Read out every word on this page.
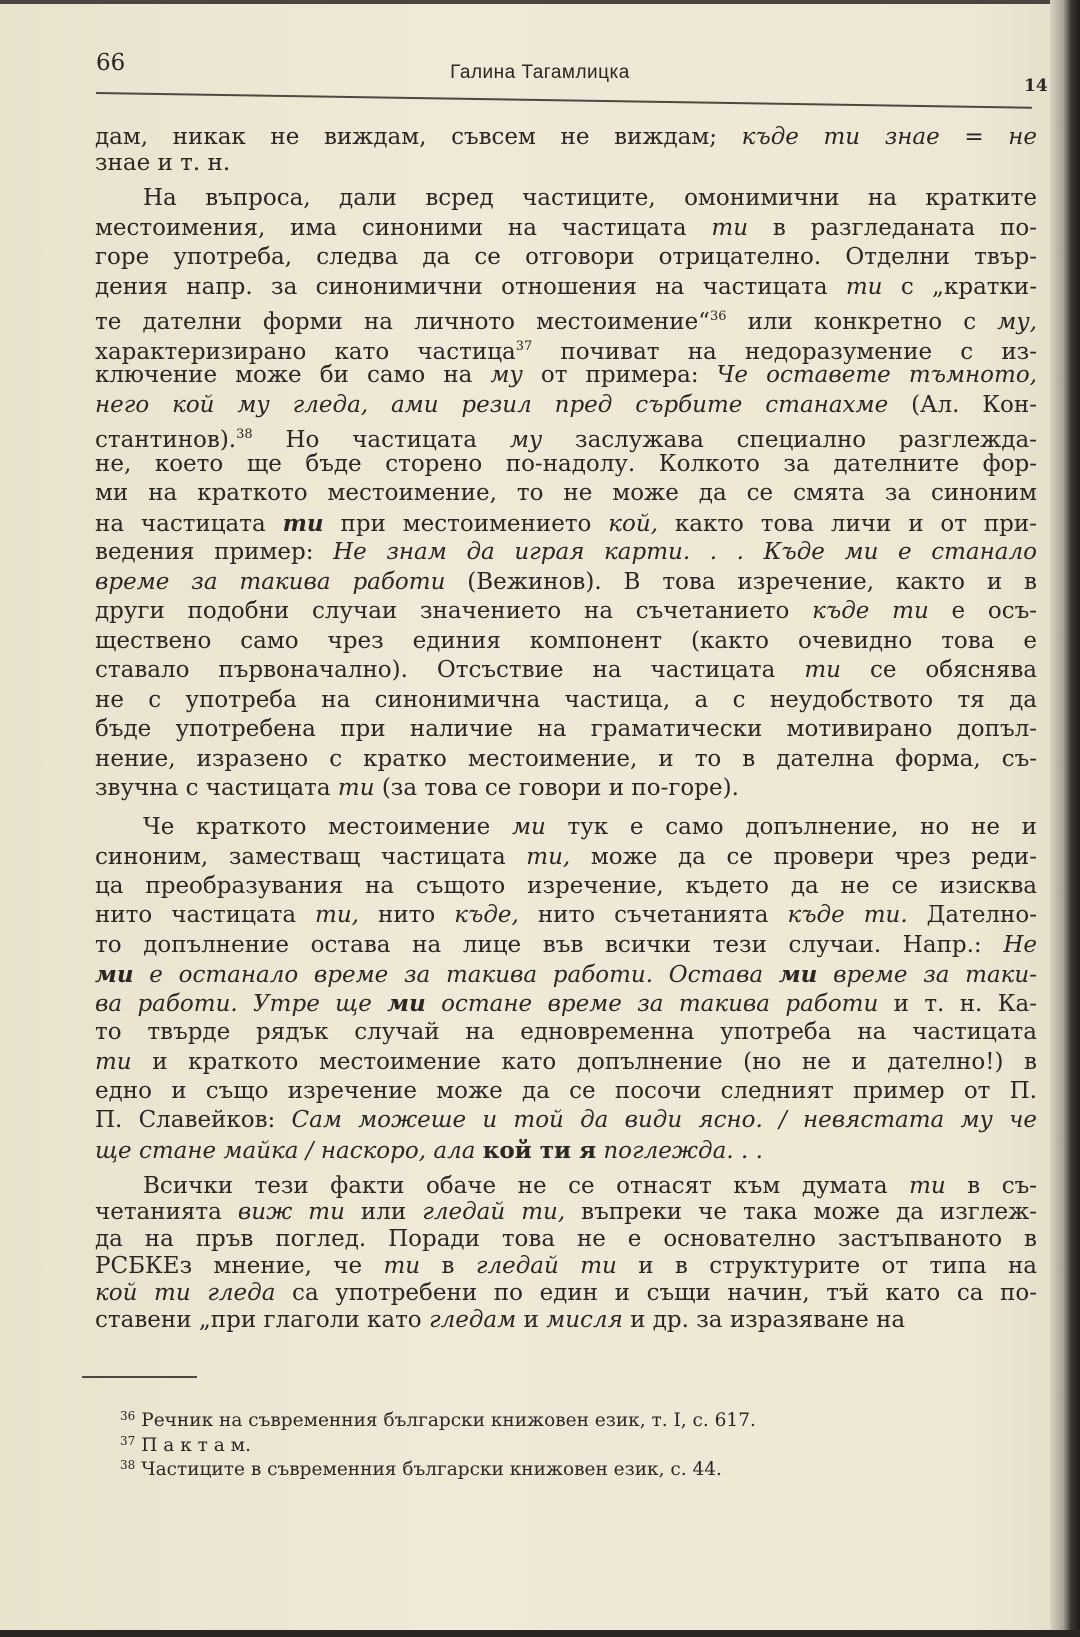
66	Галина Тагамлицка
14
дам, никак не виждам, съвсем не виждам; къде ти знае = не
знае и т. н.
На въпроса, дали всред частиците, омонимични на кратките
местоимения, има синоними на частицата ти в разгледаната по-
горе употреба, следва да се отговори отрицателно. Отделни твър-
дения напр. за синонимични отношения на частицата ти с „кратки-
те дателни форми на личното местоимение“$^{36}$ или конкретно с му,
характеризирано като частица$^{37}$ почиват на недоразумение с из-
ключение може би само на му от примера: Че оставете тъмното,
него кой му гледа, ами резил пред сърбите станахме (Ал. Кон-
стантинов).$^{38}$ Но частицата му заслужава специално разглежда-
не, което ще бъде сторено по-надолу. Колкото за дателните фор-
ми на краткото местоимение, то не може да се смята за синоним
на частицата ти при местоимението кой, както това личи и от при-
ведения пример: Не знам да играя карти. . . Къде ми е станало
време за такива работи (Вежинов). В това изречение, както и в
други подобни случаи значението на съчетанието къде ти е осъ-
ществено само чрез единия компонент (както очевидно това е
ставало първоначално). Отсъствие на частицата ти се обяснява
не с употреба на синонимична частица, а с неудобството тя да
бъде употребена при наличие на граматически мотивирано допъл-
нение, изразено с кратко местоимение, и то в дателна форма, съ-
звучна с частицата ти (за това се говори и по-горе).
Че краткото местоимение ми тук е само допълнение, но не и
синоним, заместващ частицата ти, може да се провери чрез реди-
ца преобразувания на същото изречение, където да не се изисква
нито частицата ти, нито къде, нито съчетанията къде ти. Дателно-
то допълнение остава на лице във всички тези случаи. Напр.: Не
ми е останало време за такива работи. Остава ми време за таки-
ва работи. Утре ще ми остане време за такива работи и т. н. Ка-
то твърде рядък случай на едновременна употреба на частицата
ти и краткото местоимение като допълнение (но не и дателно!) в
едно и също изречение може да се посочи следният пример от П.
П. Славейков: Сам можеше и той да види ясно. / невястата му че
ще стане майка / наскоро, ала кой ти я поглежда. . .
Всички тези факти обаче не се отнасят към думата ти в съ-
четанията виж ти или гледай ти, въпреки че така може да изглеж-
да на пръв поглед. Поради това не е основателно застъпваното в
РСБКЕз мнение, че ти в гледай ти и в структурите от типа на
кой ти гледа са употребени по един и същи начин, тъй като са по-
ставени „при глаголи като гледам и мисля и др. за изразяване на
$^{36}$ Речник на съвременния български книжовен език, т. I, с. 617.
$^{37}$ П а к т а м.
$^{38}$ Частиците в съвременния български книжовен език, с. 44.
